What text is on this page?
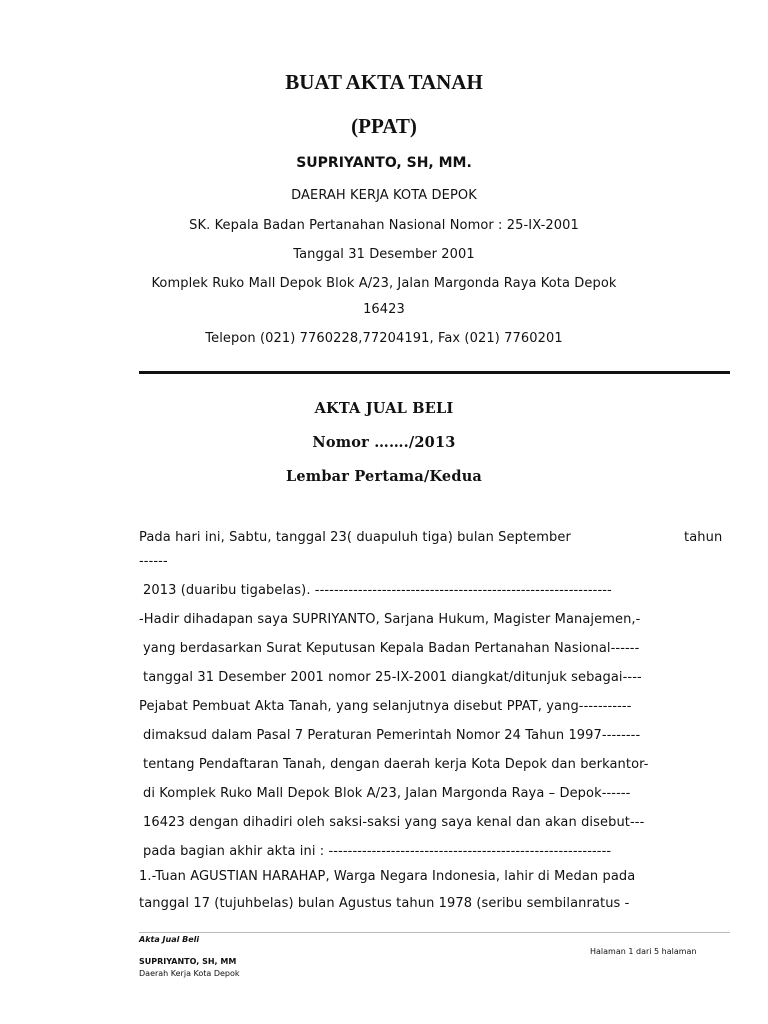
BUAT AKTA TANAH
(PPAT)
SUPRIYANTO, SH, MM.
DAERAH KERJA KOTA DEPOK
SK. Kepala Badan Pertanahan Nasional Nomor : 25-IX-2001
Tanggal 31 Desember 2001
Komplek Ruko Mall Depok Blok A/23, Jalan Margonda Raya Kota Depok
16423
Telepon (021) 7760228,77204191, Fax (021) 7760201
AKTA JUAL BELI
Nomor ……./2013
Lembar Pertama/Kedua
Pada hari ini, Sabtu, tanggal 23( duapuluh tiga) bulan September	tahun
------
2013 (duaribu tigabelas). --------------------------------------------------------------
-Hadir dihadapan saya SUPRIYANTO, Sarjana Hukum, Magister Manajemen,-
yang berdasarkan Surat Keputusan Kepala Badan Pertanahan Nasional------
tanggal 31 Desember 2001 nomor 25-IX-2001 diangkat/ditunjuk sebagai----
Pejabat Pembuat Akta Tanah, yang selanjutnya disebut PPAT, yang-----------
dimaksud dalam Pasal 7 Peraturan Pemerintah Nomor 24 Tahun 1997--------
tentang Pendaftaran Tanah, dengan daerah kerja Kota Depok dan berkantor-
di Komplek Ruko Mall Depok Blok A/23, Jalan Margonda Raya – Depok------
16423 dengan dihadiri oleh saksi-saksi yang saya kenal dan akan disebut---
pada bagian akhir akta ini : -----------------------------------------------------------
1.-Tuan AGUSTIAN HARAHAP, Warga Negara Indonesia, lahir di Medan pada
tanggal 17 (tujuhbelas) bulan Agustus tahun 1978 (seribu sembilanratus -
Akta Jual Beli
SUPRIYANTO, SH, MM
Daerah Kerja Kota Depok
Halaman 1 dari 5 halaman
